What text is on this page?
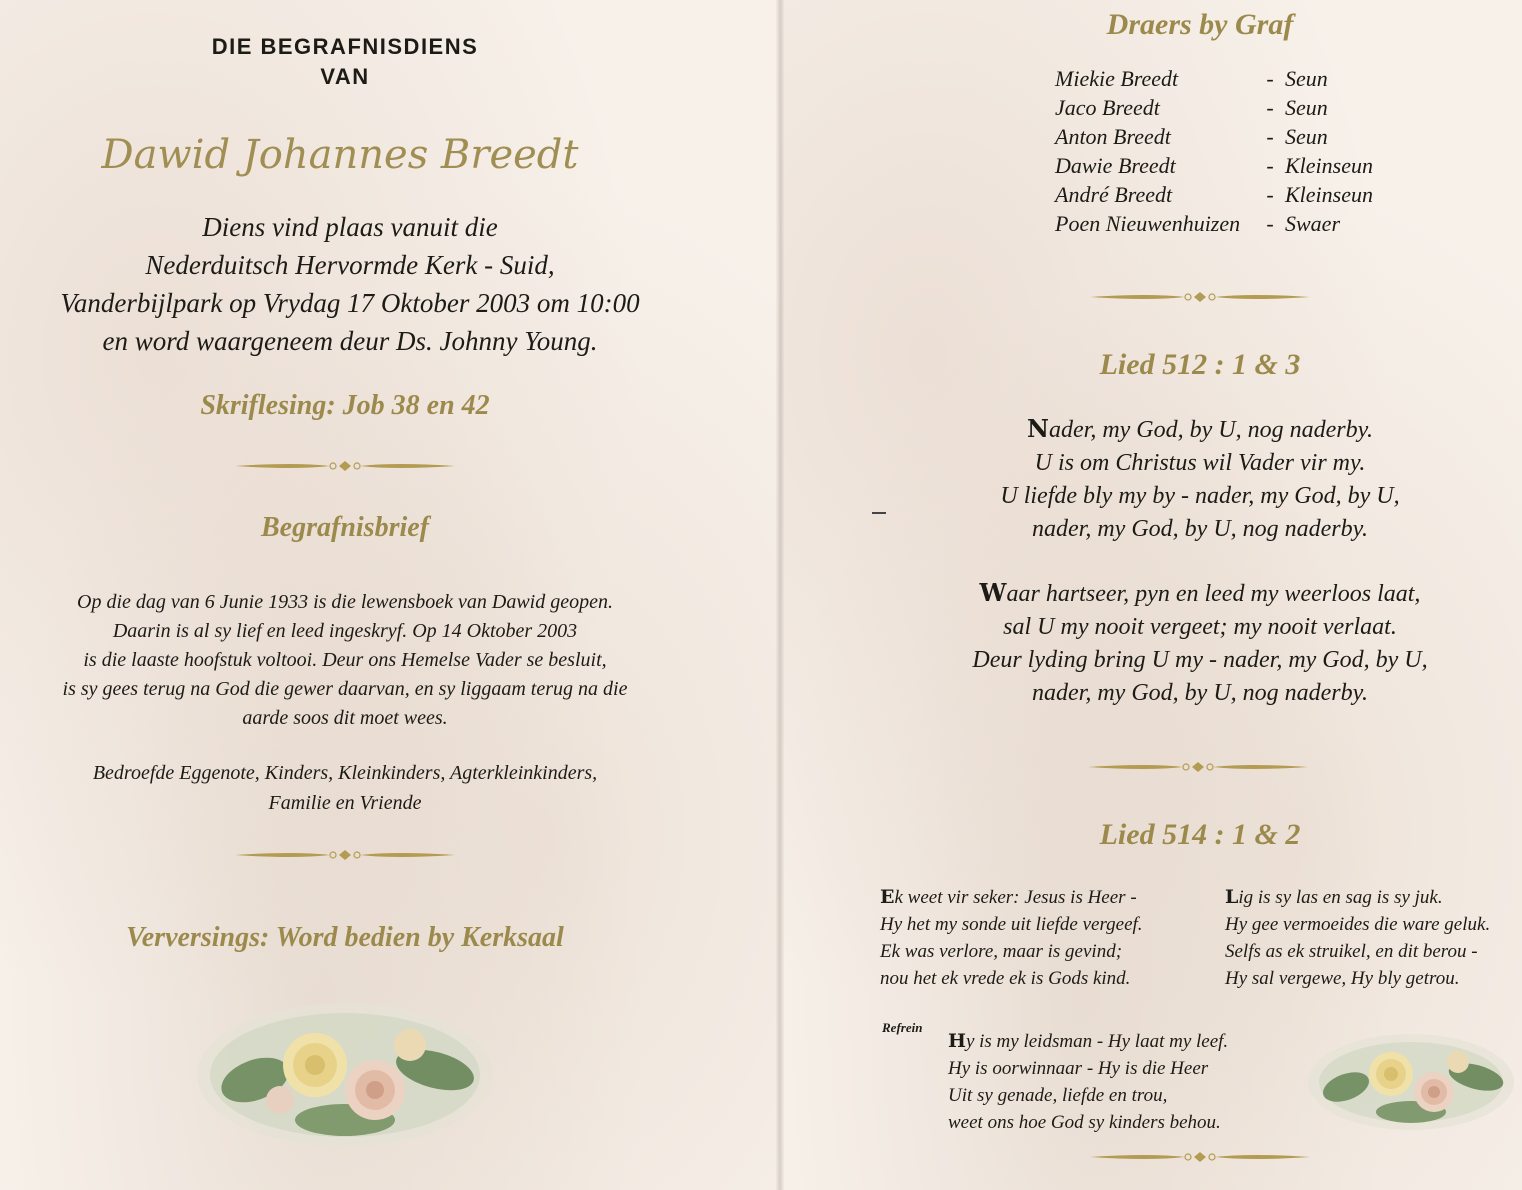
DIE BEGRAFNISDIENS
VAN
Dawid Johannes Breedt
Diens vind plaas vanuit die
Nederduitsch Hervormde Kerk - Suid,
Vanderbijlpark op Vrydag 17 Oktober 2003 om 10:00
en word waargeneem deur Ds. Johnny Young.
Skriflesing: Job 38 en 42
Begrafnisbrief
Op die dag van 6 Junie 1933 is die lewensboek van Dawid geopen.
Daarin is al sy lief en leed ingeskryf. Op 14 Oktober 2003
is die laaste hoofstuk voltooi. Deur ons Hemelse Vader se besluit,
is sy gees terug na God die gewer daarvan, en sy liggaam terug na die
aarde soos dit moet wees.
Bedroefde Eggenote, Kinders, Kleinkinders, Agterkleinkinders,
Familie en Vriende
Verversings: Word bedien by Kerksaal
Draers by Graf
Miekie Breedt	- Seun
Jaco Breedt	- Seun
Anton Breedt	- Seun
Dawie Breedt	- Kleinseun
André Breedt	- Kleinseun
Poen Nieuwenhuizen	- Swaer
Lied 512 : 1 & 3
Nader, my God, by U, nog naderby.
U is om Christus wil Vader vir my.
U liefde bly my by - nader, my God, by U,
nader, my God, by U, nog naderby.
Waar hartseer, pyn en leed my weerloos laat,
sal U my nooit vergeet; my nooit verlaat.
Deur lyding bring U my - nader, my God, by U,
nader, my God, by U, nog naderby.
Lied 514 : 1 & 2
Ek weet vir seker: Jesus is Heer -
Hy het my sonde uit liefde vergeef.
Ek was verlore, maar is gevind;
nou het ek vrede ek is Gods kind.
Lig is sy las en sag is sy juk.
Hy gee vermoeides die ware geluk.
Selfs as ek struikel, en dit berou -
Hy sal vergewe, Hy bly getrou.
Refrein
Hy is my leidsman - Hy laat my leef.
Hy is oorwinnaar - Hy is die Heer
Uit sy genade, liefde en trou,
weet ons hoe God sy kinders behou.
